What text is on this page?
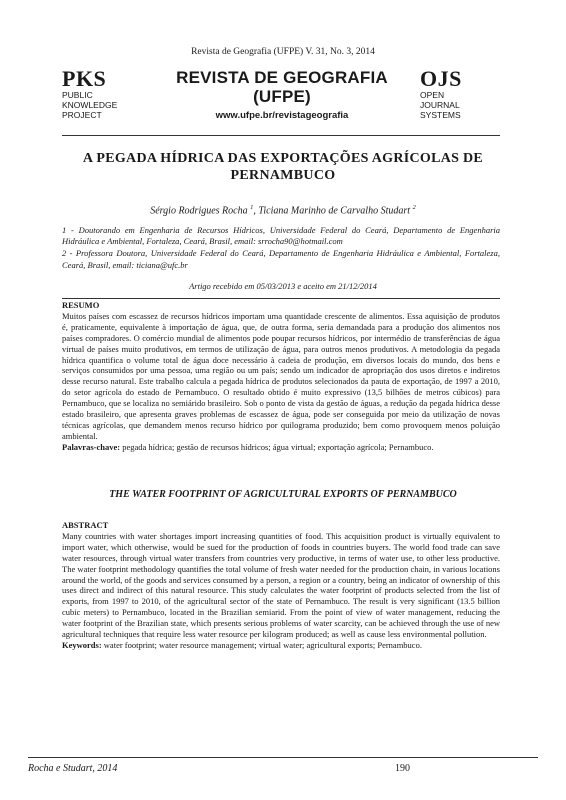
Revista de Geografia (UFPE) V. 31, No. 3, 2014
PKS
PUBLIC
KNOWLEDGE
PROJECT
REVISTA DE GEOGRAFIA
(UFPE)
www.ufpe.br/revistageografia
OJS
OPEN
JOURNAL
SYSTEMS
A PEGADA HÍDRICA DAS EXPORTAÇÕES AGRÍCOLAS DE
PERNAMBUCO
Sérgio Rodrigues Rocha $^1$, Ticiana Marinho de Carvalho Studart $^2$
1 - Doutorando em Engenharia de Recursos Hídricos, Universidade Federal do Ceará, Departamento de Engenharia Hidráulica e Ambiental, Fortaleza, Ceará, Brasil, email: srrocha90@hotmail.com
2 - Professora Doutora, Universidade Federal do Ceará, Departamento de Engenharia Hidráulica e Ambiental, Fortaleza, Ceará, Brasil, email: ticiana@ufc.br
Artigo recebido em 05/03/2013 e aceito em 21/12/2014
RESUMO
Muitos países com escassez de recursos hídricos importam uma quantidade crescente de alimentos. Essa aquisição de produtos é, praticamente, equivalente à importação de água, que, de outra forma, seria demandada para a produção dos alimentos nos países compradores. O comércio mundial de alimentos pode poupar recursos hídricos, por intermédio de transferências de água virtual de países muito produtivos, em termos de utilização de água, para outros menos produtivos. A metodologia da pegada hídrica quantifica o volume total de água doce necessário à cadeia de produção, em diversos locais do mundo, dos bens e serviços consumidos por uma pessoa, uma região ou um país; sendo um indicador de apropriação dos usos diretos e indiretos desse recurso natural. Este trabalho calcula a pegada hídrica de produtos selecionados da pauta de exportação, de 1997 a 2010, do setor agrícola do estado de Pernambuco. O resultado obtido é muito expressivo (13,5 bilhões de metros cúbicos) para Pernambuco, que se localiza no semiárido brasileiro. Sob o ponto de vista da gestão de águas, a redução da pegada hídrica desse estado brasileiro, que apresenta graves problemas de escassez de água, pode ser conseguida por meio da utilização de novas técnicas agrícolas, que demandem menos recurso hídrico por quilograma produzido; bem como provoquem menos poluição ambiental.
Palavras-chave: pegada hídrica; gestão de recursos hídricos; água virtual; exportação agrícola; Pernambuco.
THE WATER FOOTPRINT OF AGRICULTURAL EXPORTS OF PERNAMBUCO
ABSTRACT
Many countries with water shortages import increasing quantities of food. This acquisition product is virtually equivalent to import water, which otherwise, would be sued for the production of foods in countries buyers. The world food trade can save water resources, through virtual water transfers from countries very productive, in terms of water use, to other less productive. The water footprint methodology quantifies the total volume of fresh water needed for the production chain, in various locations around the world, of the goods and services consumed by a person, a region or a country, being an indicator of ownership of this uses direct and indirect of this natural resource. This study calculates the water footprint of products selected from the list of exports, from 1997 to 2010, of the agricultural sector of the state of Pernambuco. The result is very significant (13.5 billion cubic meters) to Pernambuco, located in the Brazilian semiarid. From the point of view of water management, reducing the water footprint of the Brazilian state, which presents serious problems of water scarcity, can be achieved through the use of new agricultural techniques that require less water resource per kilogram produced; as well as cause less environmental pollution.
Keywords: water footprint; water resource management; virtual water; agricultural exports; Pernambuco.
Rocha e Studart, 2014	190
